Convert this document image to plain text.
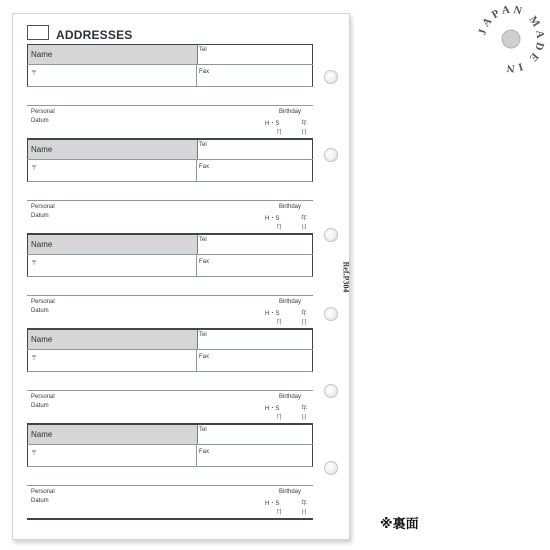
ADDRESSES
Name	Tel
〒	Fax
Personal
Datum
Birthday
H・S	年
月	日
Name	Tel
〒	Fax
Personal
Datum
Birthday
H・S	年
月	日
Name	Tel
〒	Fax
Personal
Datum
Birthday
H・S	年
月	日
Name	Tel
〒	Fax
Personal
Datum
Birthday
H・S	年
月	日
Name	Tel
〒	Fax
Personal
Datum
Birthday
H・S	年
月	日
Ref.P304
※裏面
JAPAN MADE IN
